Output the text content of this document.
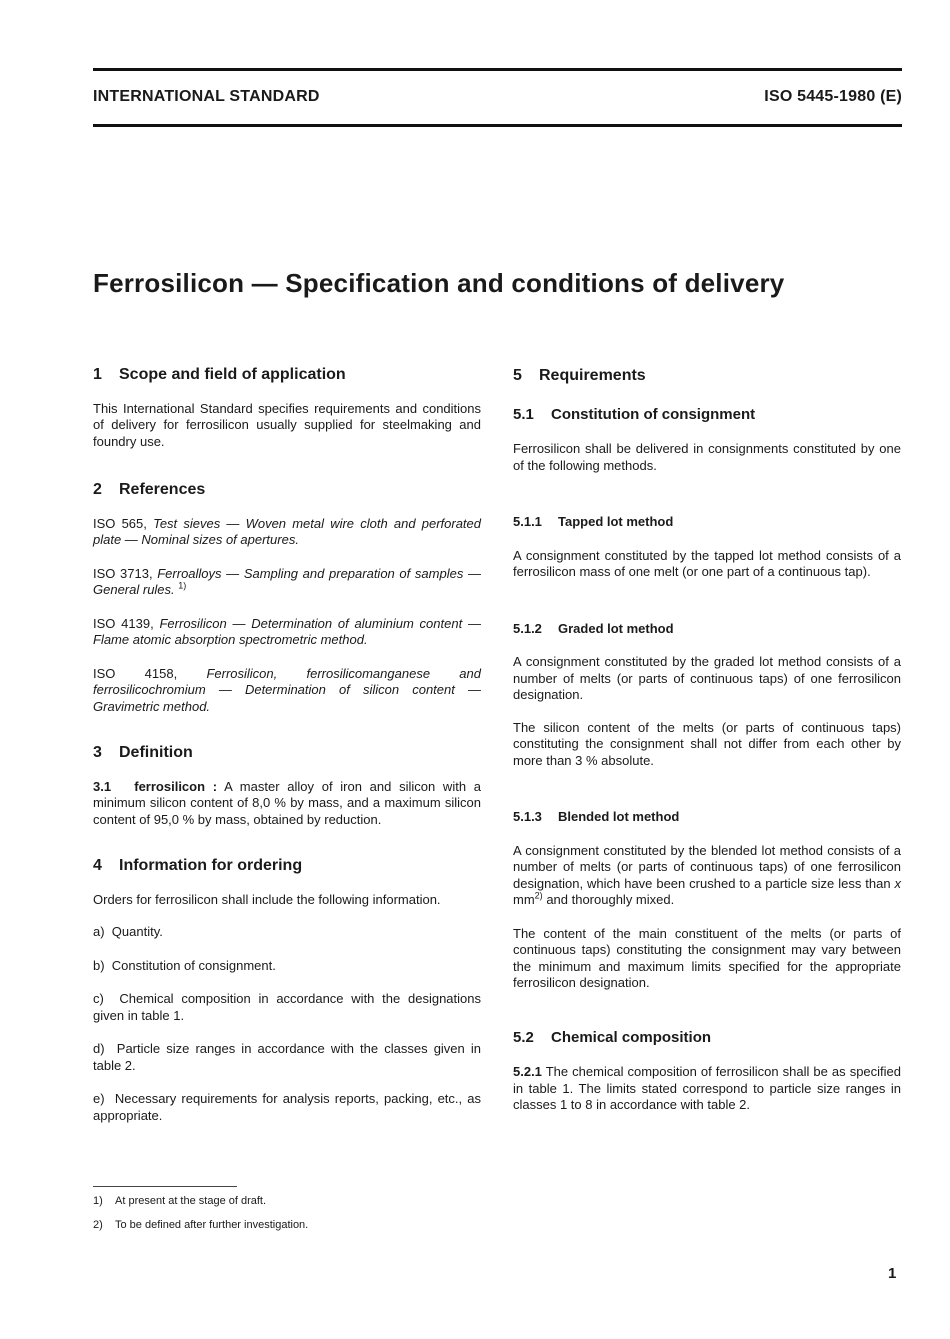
INTERNATIONAL STANDARD	ISO 5445-1980 (E)
Ferrosilicon — Specification and conditions of delivery
1 Scope and field of application

This International Standard specifies requirements and conditions of delivery for ferrosilicon usually supplied for steelmaking and foundry use.

2 References

ISO 565, Test sieves — Woven metal wire cloth and perforated plate — Nominal sizes of apertures.

ISO 3713, Ferroalloys — Sampling and preparation of samples — General rules. $^{1)}$

ISO 4139, Ferrosilicon — Determination of aluminium content — Flame atomic absorption spectrometric method.

ISO 4158, Ferrosilicon, ferrosilicomanganese and ferrosilicochromium — Determination of silicon content — Gravimetric method.

3 Definition

3.1 ferrosilicon : A master alloy of iron and silicon with a minimum silicon content of 8,0 % by mass, and a maximum silicon content of 95,0 % by mass, obtained by reduction.

4 Information for ordering

Orders for ferrosilicon shall include the following information.

a) Quantity.

b) Constitution of consignment.

c) Chemical composition in accordance with the designations given in table 1.

d) Particle size ranges in accordance with the classes given in table 2.

e) Necessary requirements for analysis reports, packing, etc., as appropriate.

5 Requirements
5.1 Constitution of consignment

Ferrosilicon shall be delivered in consignments constituted by one of the following methods.

5.1.1 Tapped lot method

A consignment constituted by the tapped lot method consists of a ferrosilicon mass of one melt (or one part of a continuous tap).

5.1.2 Graded lot method

A consignment constituted by the graded lot method consists of a number of melts (or parts of continuous taps) of one ferrosilicon designation.

The silicon content of the melts (or parts of continuous taps) constituting the consignment shall not differ from each other by more than 3 % absolute.

5.1.3 Blended lot method

A consignment constituted by the blended lot method consists of a number of melts (or parts of continuous taps) of one ferrosilicon designation, which have been crushed to a particle size less than x $mm^{2)}$ and thoroughly mixed.

The content of the main constituent of the melts (or parts of continuous taps) constituting the consignment may vary between the minimum and maximum limits specified for the appropriate ferrosilicon designation.

5.2 Chemical composition

5.2.1 The chemical composition of ferrosilicon shall be as specified in table 1. The limits stated correspond to particle size ranges in classes 1 to 8 in accordance with table 2.

1) At present at the stage of draft.
2) To be defined after further investigation.
1
